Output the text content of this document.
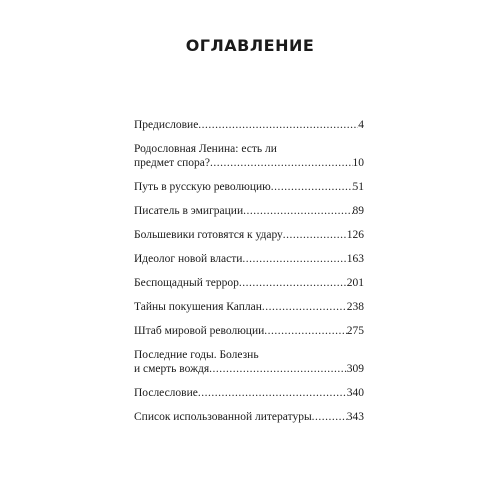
ОГЛАВЛЕНИЕ
Предисловие .....	4
Родословная Ленина: есть ли
предмет спора? .....	10
Путь в русскую революцию .....	51
Писатель в эмиграции .....	89
Большевики готовятся к удару .....	126
Идеолог новой власти .....	163
Беспощадный террор .....	201
Тайны покушения Каплан .....	238
Штаб мировой революции .....	275
Последние годы. Болезнь
и смерть вождя .....	309
Послесловие .....	340
Список использованной литературы .....	343
